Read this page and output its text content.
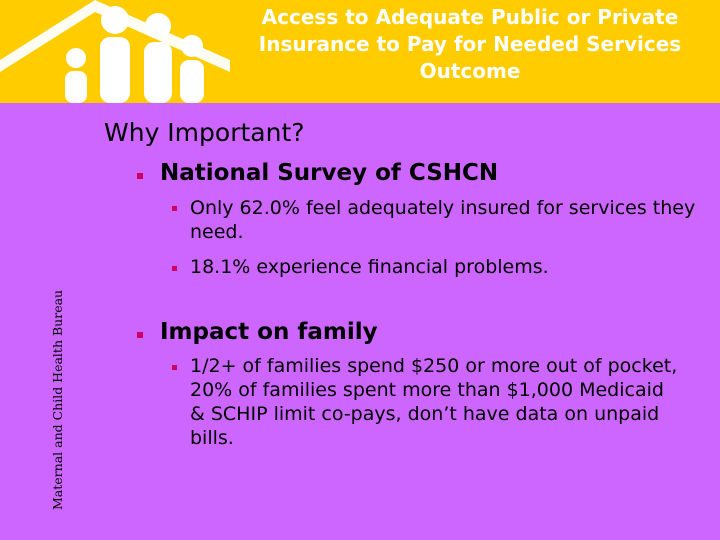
Access to Adequate Public or Private Insurance to Pay for Needed Services Outcome
Maternal and Child Health Bureau
Why Important?
National Survey of CSHCN
Only 62.0% feel adequately insured for services they need.
18.1% experience financial problems.
Impact on family
1/2+ of families spend $250 or more out of pocket, 20% of families spent more than $1,000 Medicaid & SCHIP limit co-pays, don’t have data on unpaid bills.
